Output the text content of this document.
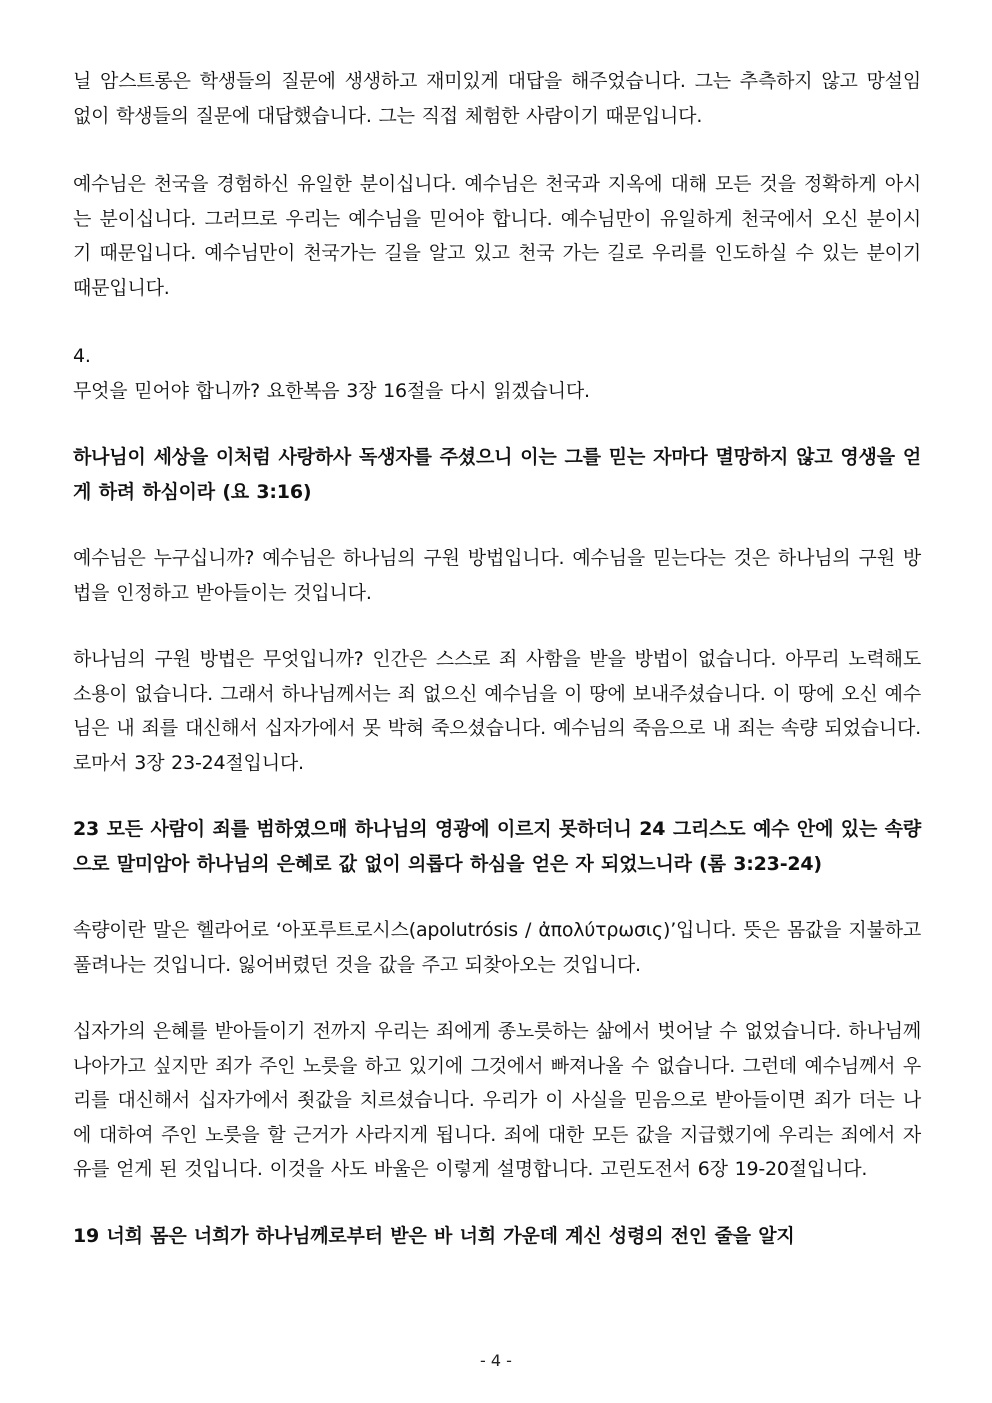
닐 암스트롱은 학생들의 질문에 생생하고 재미있게 대답을 해주었습니다. 그는 추측하지 않고 망설임 없이 학생들의 질문에 대답했습니다. 그는 직접 체험한 사람이기 때문입니다.

예수님은 천국을 경험하신 유일한 분이십니다. 예수님은 천국과 지옥에 대해 모든 것을 정확하게 아시는 분이십니다. 그러므로 우리는 예수님을 믿어야 합니다. 예수님만이 유일하게 천국에서 오신 분이시기 때문입니다. 예수님만이 천국가는 길을 알고 있고 천국 가는 길로 우리를 인도하실 수 있는 분이기 때문입니다.

4.

무엇을 믿어야 합니까? 요한복음 3장 16절을 다시 읽겠습니다.

하나님이 세상을 이처럼 사랑하사 독생자를 주셨으니 이는 그를 믿는 자마다 멸망하지 않고 영생을 얻게 하려 하심이라 (요 3:16)

예수님은 누구십니까? 예수님은 하나님의 구원 방법입니다. 예수님을 믿는다는 것은 하나님의 구원 방법을 인정하고 받아들이는 것입니다.

하나님의 구원 방법은 무엇입니까? 인간은 스스로 죄 사함을 받을 방법이 없습니다. 아무리 노력해도 소용이 없습니다. 그래서 하나님께서는 죄 없으신 예수님을 이 땅에 보내주셨습니다. 이 땅에 오신 예수님은 내 죄를 대신해서 십자가에서 못 박혀 죽으셨습니다. 예수님의 죽음으로 내 죄는 속량 되었습니다. 로마서 3장 23-24절입니다.

23 모든 사람이 죄를 범하였으매 하나님의 영광에 이르지 못하더니 24 그리스도 예수 안에 있는 속량으로 말미암아 하나님의 은혜로 값 없이 의롭다 하심을 얻은 자 되었느니라 (롬 3:23-24)

속량이란 말은 헬라어로 ‘아포루트로시스(apolutrósis / ἀπολύτρωσις)’입니다. 뜻은 몸값을 지불하고 풀려나는 것입니다. 잃어버렸던 것을 값을 주고 되찾아오는 것입니다.

십자가의 은혜를 받아들이기 전까지 우리는 죄에게 종노릇하는 삶에서 벗어날 수 없었습니다. 하나님께 나아가고 싶지만 죄가 주인 노릇을 하고 있기에 그것에서 빠져나올 수 없습니다. 그런데 예수님께서 우리를 대신해서 십자가에서 죗값을 치르셨습니다. 우리가 이 사실을 믿음으로 받아들이면 죄가 더는 나에 대하여 주인 노릇을 할 근거가 사라지게 됩니다. 죄에 대한 모든 값을 지급했기에 우리는 죄에서 자유를 얻게 된 것입니다. 이것을 사도 바울은 이렇게 설명합니다. 고린도전서 6장 19-20절입니다.

19 너희 몸은 너희가 하나님께로부터 받은 바 너희 가운데 계신 성령의 전인 줄을 알지

- 4 -
